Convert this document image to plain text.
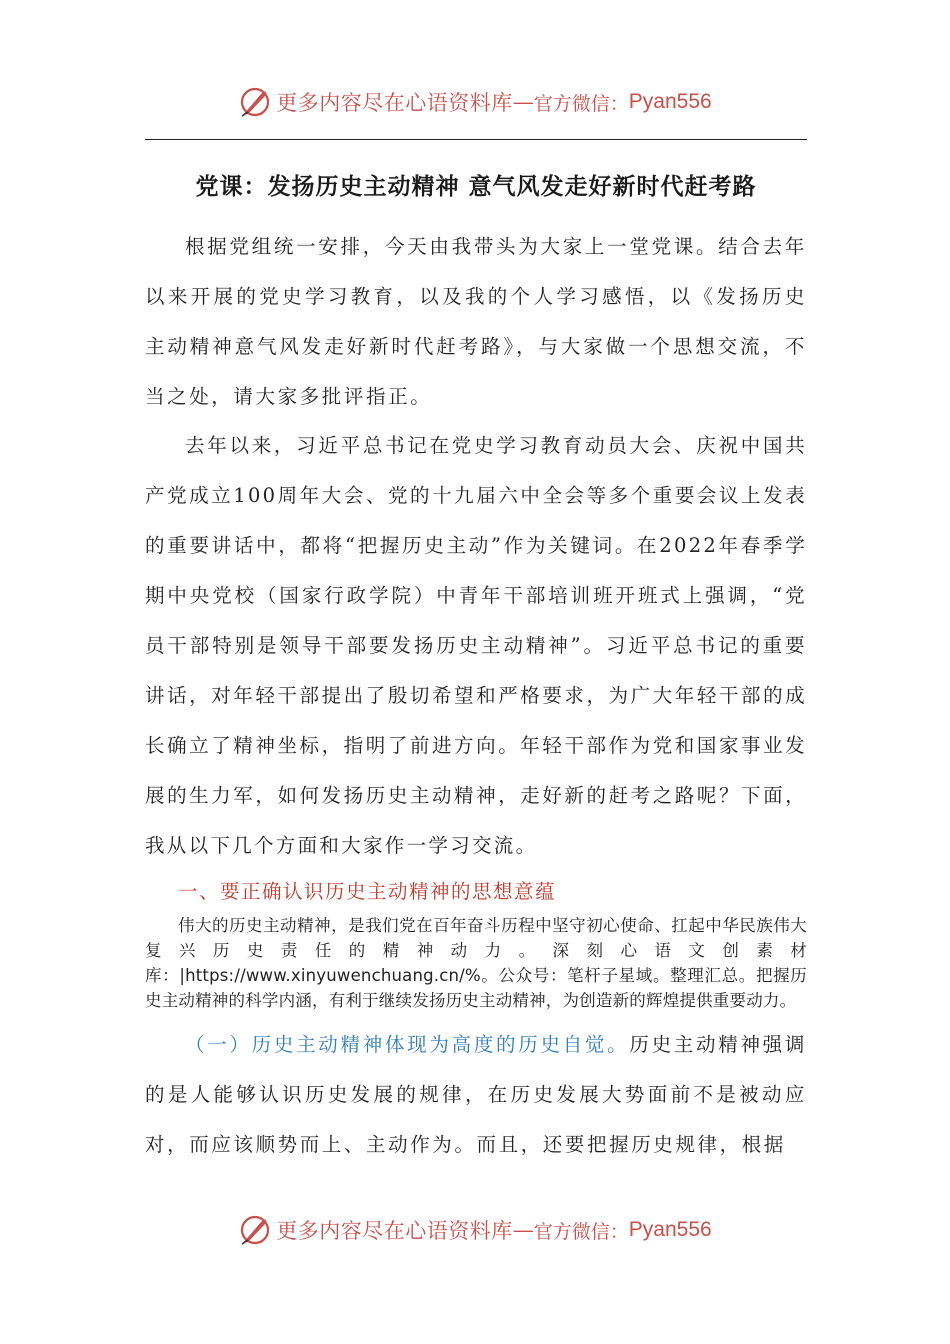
更多内容尽在心语资料库 — 官方微信： Pyan556
党课：发扬历史主动精神 意气风发走好新时代赶考路

根据党组统一安排，今天由我带头为大家上一堂党课。结合去年以来开展的党史学习教育，以及我的个人学习感悟，以《发扬历史主动精神意气风发走好新时代赶考路》，与大家做一个思想交流，不当之处，请大家多批评指正。

去年以来，习近平总书记在党史学习教育动员大会、庆祝中国共产党成立100周年大会、党的十九届六中全会等多个重要会议上发表的重要讲话中，都将“把握历史主动”作为关键词。在2022年春季学期中央党校（国家行政学院）中青年干部培训班开班式上强调，“党员干部特别是领导干部要发扬历史主动精神”。习近平总书记的重要讲话，对年轻干部提出了殷切希望和严格要求，为广大年轻干部的成长确立了精神坐标，指明了前进方向。年轻干部作为党和国家事业发展的生力军，如何发扬历史主动精神，走好新的赶考之路呢？下面，我从以下几个方面和大家作一学习交流。

一、要正确认识历史主动精神的思想意蕴

伟大的历史主动精神，是我们党在百年奋斗历程中坚守初心使命、扛起中华民族伟大复兴历史责任的精神动力。深刻心语文创素材库：|https://www.xinyuwenchuang.cn/%。公众号：笔杆子星域。整理汇总。把握历史主动精神的科学内涵，有利于继续发扬历史主动精神，为创造新的辉煌提供重要动力。

（一）历史主动精神体现为高度的历史自觉。历史主动精神强调的是人能够认识历史发展的规律，在历史发展大势面前不是被动应对，而应该顺势而上、主动作为。而且，还要把握历史规律，根据

更多内容尽在心语资料库 — 官方微信： Pyan556
